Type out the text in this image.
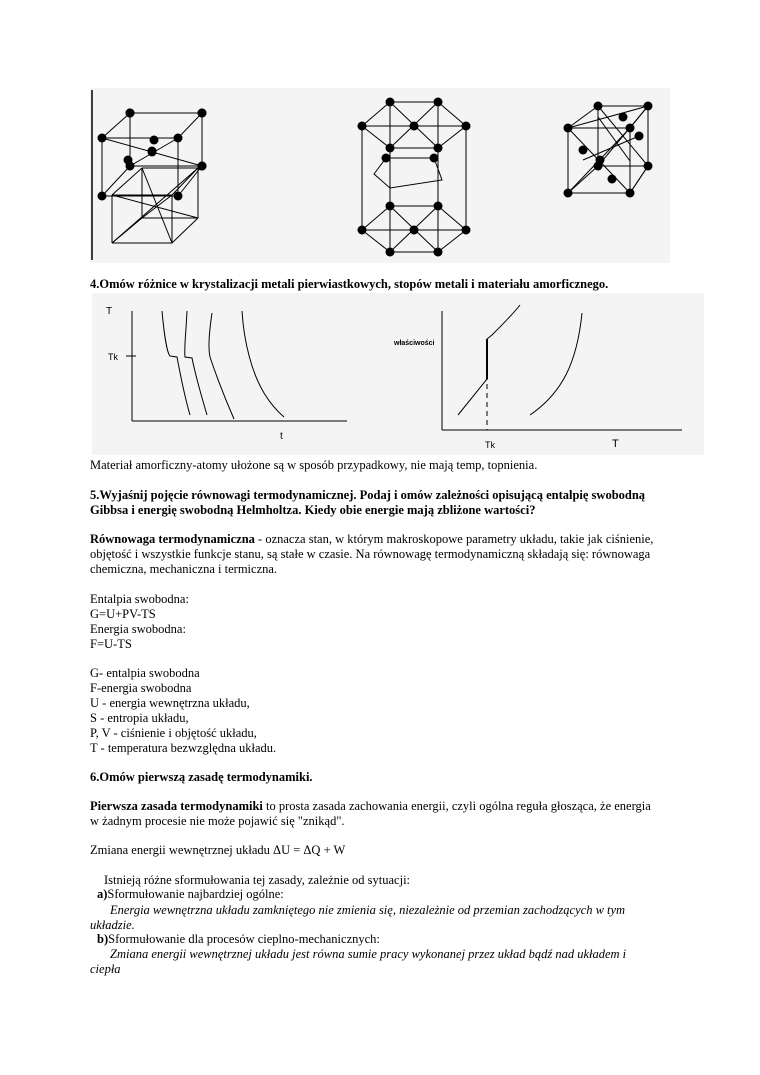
4.Omów różnice w krystalizacji metali pierwiastkowych, stopów metali i materiału amorficznego.
T
Tk
t
właściwości
Tk	T
Materiał amorficzny-atomy ułożone są w sposób przypadkowy, nie mają temp, topnienia.
5.Wyjaśnij pojęcie równowagi termodynamicznej. Podaj i omów zależności opisującą entalpię swobodną
Gibbsa i energię swobodną Helmholtza. Kiedy obie energie mają zbliżone wartości?
Równowaga termodynamiczna - oznacza stan, w którym makroskopowe parametry układu, takie jak ciśnienie,
objętość i wszystkie funkcje stanu, są stałe w czasie. Na równowagę termodynamiczną składają się: równowaga
chemiczna, mechaniczna i termiczna.
Entalpia swobodna:
G=U+PV-TS
Energia swobodna:
F=U-TS
G- entalpia swobodna
F-energia swobodna
U - energia wewnętrzna układu,
S - entropia układu,
P, V - ciśnienie i objętość układu,
T - temperatura bezwzględna układu.
6.Omów pierwszą zasadę termodynamiki.
Pierwsza zasada termodynamiki to prosta zasada zachowania energii, czyli ogólna reguła głosząca, że energia
w żadnym procesie nie może pojawić się "znikąd".
Zmiana energii wewnętrznej układu ΔU = ΔQ + W
Istnieją różne sformułowania tej zasady, zależnie od sytuacji:
a)Sformułowanie najbardziej ogólne:
Energia wewnętrzna układu zamkniętego nie zmienia się, niezależnie od przemian zachodzących w tym
układzie.
b)Sformułowanie dla procesów cieplno-mechanicznych:
Zmiana energii wewnętrznej układu jest równa sumie pracy wykonanej przez układ bądź nad układem i
ciepła
